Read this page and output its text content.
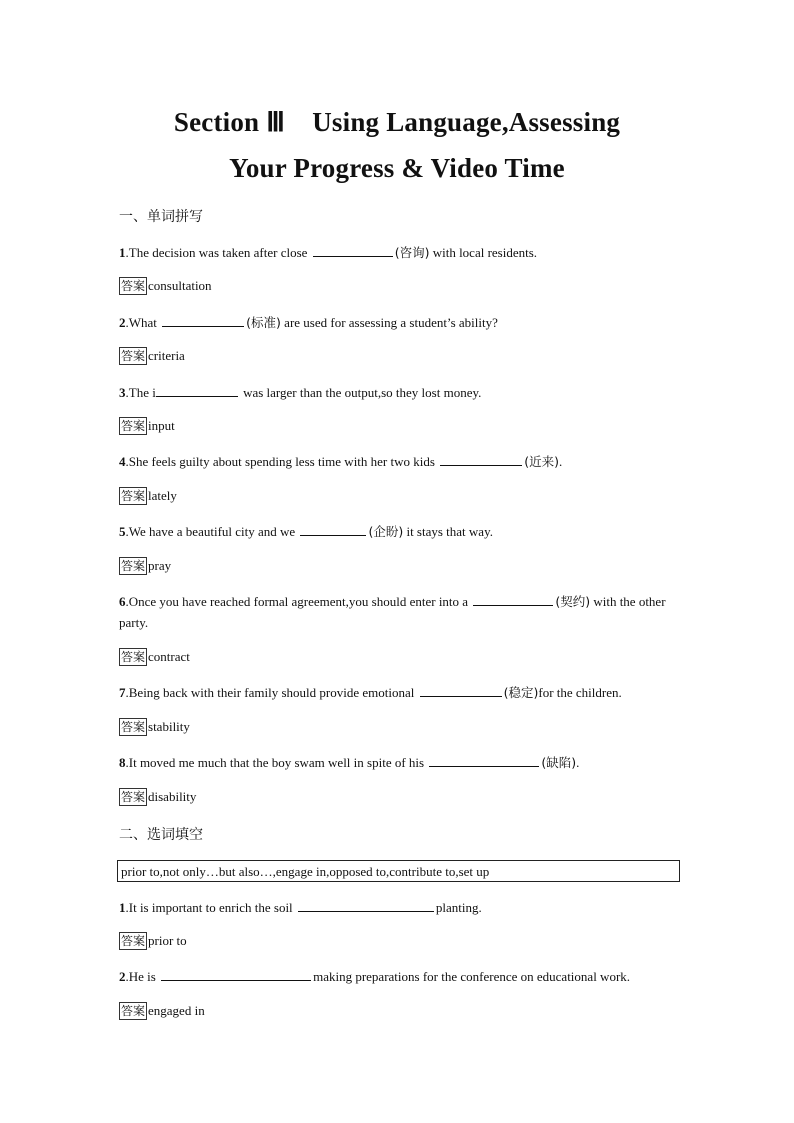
Section Ⅲ　Using Language,Assessing
Your Progress & Video Time
一、单词拼写
1.The decision was taken after close	(咨询) with local residents.
答案 consultation
2.What	(标准) are used for assessing a student’s ability?
答案 criteria
3.The i	was larger than the output,so they lost money.
答案 input
4.She feels guilty about spending less time with her two kids	(近来).
答案 lately
5.We have a beautiful city and we	(企盼) it stays that way.
答案 pray
6.Once you have reached formal agreement,you should enter into a	(契约) with the other party.
答案 contract
7.Being back with their family should provide emotional	(稳定)for the children.
答案 stability
8.It moved me much that the boy swam well in spite of his	(缺陷).
答案 disability
二、选词填空
prior to,not only…but also…,engage in,opposed to,contribute to,set up
1.It is important to enrich the soil	planting.
答案 prior to
2.He is	making preparations for the conference on educational work.
答案 engaged in
